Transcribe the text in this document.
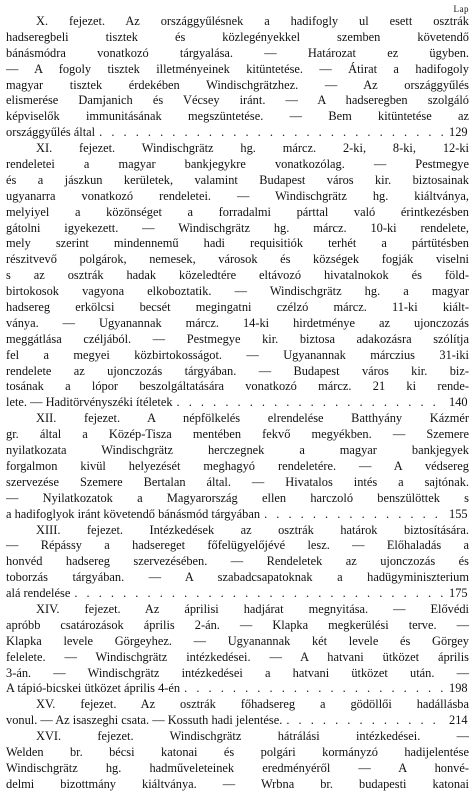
Lap
X. fejezet. Az országgyűlésnek a hadifogly ul esett osztrák
hadseregbeli tisztek és közlegényekkel szemben követendő
bánásmódra vonatkozó tárgyalása. — Határozat ez ügyben.
— A fogoly tisztek illetményeinek kitüntetése. — Átirat a hadifogoly
magyar tisztek érdekében Windischgrätzhez. — Az országgyűlés
elismerése Damjanich és Vécsey iránt. — A hadseregben szolgáló
képviselők immunitásának megszüntetése. — Bem kitüntetése az
országgyűlés által . . .	129
XI. fejezet. Windischgrätz hg. márcz. 2-ki, 8-ki, 12-ki
rendeletei a magyar bankjegykre vonatkozólag. — Pestmegye
és a jászkun kerületek, valamint Budapest város kir. biztosainak
ugyanarra vonatkozó rendeletei. — Windischgrätz hg. kiáltványa,
melyiyel a közönséget a forradalmi párttal való érintkezésben
gátolni igyekezett. — Windischgrätz hg. márcz. 10-ki rendelete,
mely szerint mindennemű hadi requisitiók terhét a pártütésben
részitvevő polgárok, nemesek, városok és községek fogják viselni
s az osztrák hadak közeledtére eltávozó hivatalnokok és föld-
birtokosok vagyona elkoboztatik. — Windischgrätz hg. a magyar
hadsereg erkölcsi becsét megingatni czélzó márcz. 11-ki kiált-
ványa. — Ugyanannak márcz. 14-ki hirdetménye az ujonczozás
meggátlása czéljából. — Pestmegye kir. biztosa adakozásra szólítja
fel a megyei közbirtokosságot. — Ugyanannak márczius 31-iki
rendelete az ujonczozás tárgyában. — Budapest város kir. biz-
tosának a lópor beszolgáltatására vonatkozó márcz. 21 ki rende-
lete. — Haditörvényszéki ítéletek . . .	140
XII. fejezet. A népfölkelés elrendelése Batthyány Kázmér
gr. által a Közép-Tisza mentében fekvő megyékben. — Szemere
nyilatkozata Windischgrätz herczegnek a magyar bankjegyek
forgalmon kivül helyezését meghagyó rendeletére. — A védsereg
szervezése Szemere Bertalan által. — Hivatalos intés a sajtónak.
— Nyilatkozatok a Magyarország ellen harczoló benszülöttek s
a hadifoglyok iránt követendő bánásmód tárgyában . . .	155
XIII. fejezet. Intézkedések az osztrák határok biztosítására.
— Répássy a hadsereget főfelügyelőjévé lesz. — Előhaladás a
honvéd hadsereg szervezésében. — Rendeletek az ujonczozás és
toborzás tárgyában. — A szabadcsapatoknak a hadügyminiszterium
alá rendelése . . .	175
XIV. fejezet. Az áprilisi hadjárat megnyitása. — Elővédi
apróbb csatározások április 2-án. — Klapka megkerülési terve. —
Klapka levele Görgeyhez. — Ugyanannak két levele és Görgey
felelete. — Windischgrätz intézkedései. — A hatvani ütközet április
3-án. — Windischgrätz intézkedései a hatvani ütközet után. —
A tápió-bicskei ütközet április 4-én . . .	198
XV. fejezet. Az osztrák főhadsereg a gödöllői hadállásba
vonul. — Az isaszeghi csata. — Kossuth hadi jelentése. . . .	214
XVI. fejezet. Windischgrätz hátrálási intézkedései. —
Welden br. bécsi katonai és polgári kormányzó hadijelentése
Windischgrätz hg. hadműveleteinek eredményéről — A honvé-
delmi bizottmány kiáltványa. — Wrbna br. budapesti katonai
